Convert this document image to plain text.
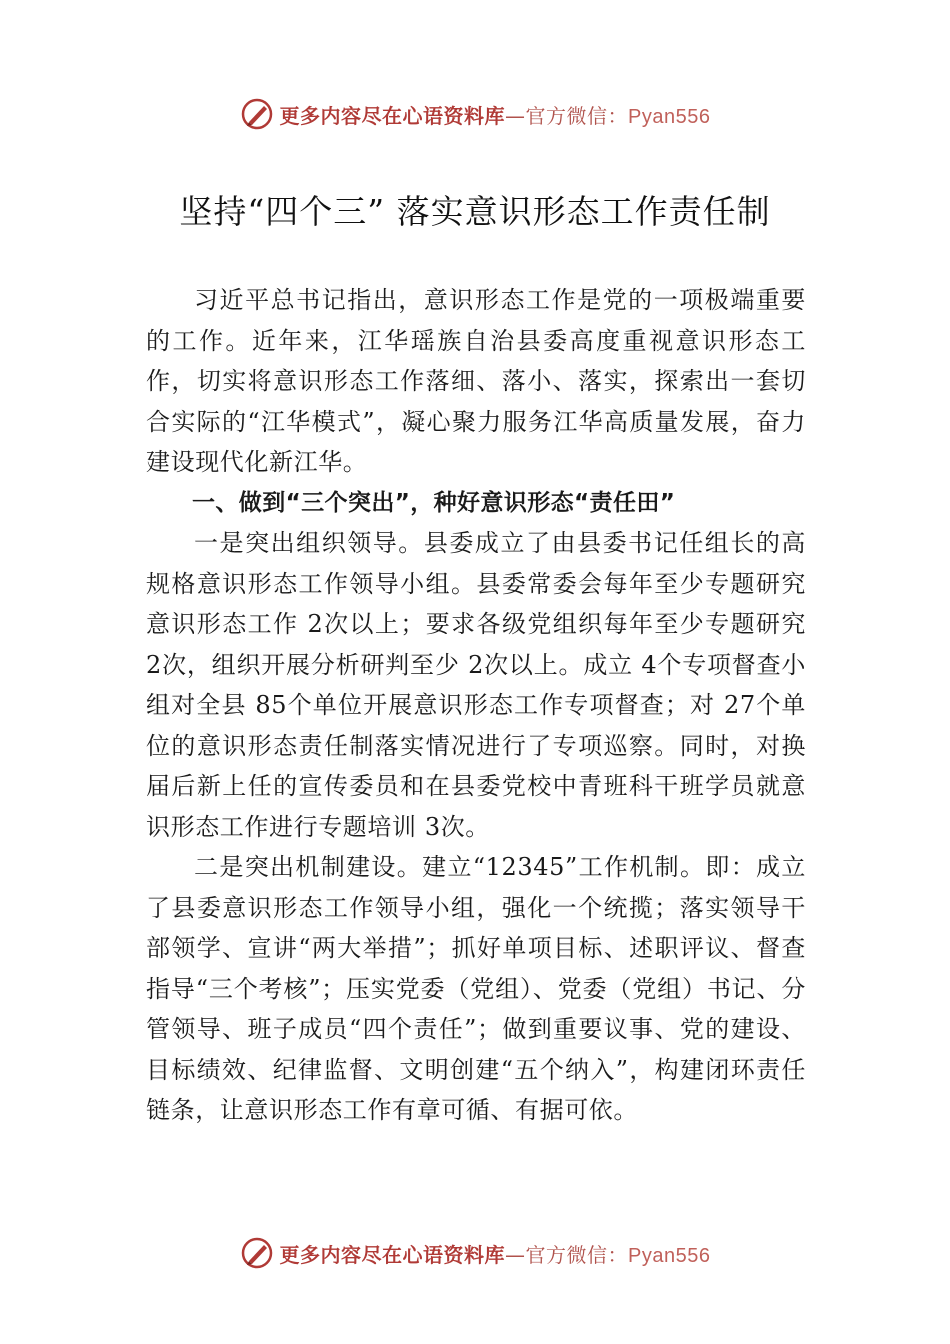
更多内容尽在心语资料库—官方微信：Pyan556
坚持“四个三” 落实意识形态工作责任制

习近平总书记指出，意识形态工作是党的一项极端重要的工作。近年来，江华瑶族自治县委高度重视意识形态工作，切实将意识形态工作落细、落小、落实，探索出一套切合实际的“江华模式”，凝心聚力服务江华高质量发展，奋力建设现代化新江华。

一、做到“三个突出”，种好意识形态“责任田”

一是突出组织领导。县委成立了由县委书记任组长的高规格意识形态工作领导小组。县委常委会每年至少专题研究意识形态工作 2次以上；要求各级党组织每年至少专题研究 2次，组织开展分析研判至少 2次以上。成立 4个专项督查小组对全县 85个单位开展意识形态工作专项督查；对 27个单位的意识形态责任制落实情况进行了专项巡察。同时，对换届后新上任的宣传委员和在县委党校中青班科干班学员就意识形态工作进行专题培训 3次。

二是突出机制建设。建立“12345”工作机制。即：成立了县委意识形态工作领导小组，强化一个统揽；落实领导干部领学、宣讲“两大举措”；抓好单项目标、述职评议、督查指导“三个考核”；压实党委（党组）、党委（党组）书记、分管领导、班子成员“四个责任”；做到重要议事、党的建设、目标绩效、纪律监督、文明创建“五个纳入”，构建闭环责任链条，让意识形态工作有章可循、有据可依。

更多内容尽在心语资料库—官方微信：Pyan556
